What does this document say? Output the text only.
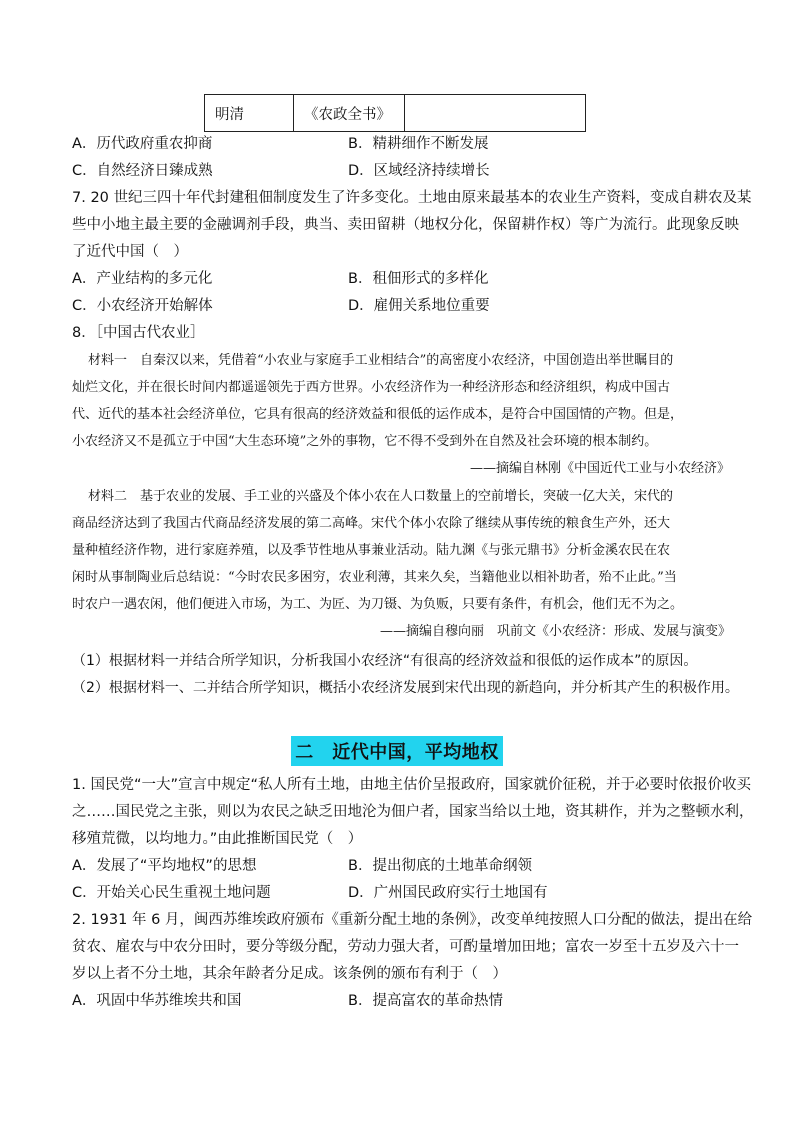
明清	《农政全书》	
A．历代政府重农抑商	B．精耕细作不断发展
C．自然经济日臻成熟	D．区域经济持续增长
7. 20 世纪三四十年代封建租佃制度发生了许多变化。土地由原来最基本的农业生产资料，变成自耕农及某
些中小地主最主要的金融调剂手段，典当、卖田留耕（地权分化，保留耕作权）等广为流行。此现象反映
了近代中国（　）
A．产业结构的多元化	B．租佃形式的多样化
C．小农经济开始解体	D．雇佣关系地位重要
8．［中国古代农业］
材料一　自秦汉以来，凭借着“小农业与家庭手工业相结合”的高密度小农经济，中国创造出举世瞩目的
灿烂文化，并在很长时间内都遥遥领先于西方世界。小农经济作为一种经济形态和经济组织，构成中国古
代、近代的基本社会经济单位，它具有很高的经济效益和很低的运作成本，是符合中国国情的产物。但是，
小农经济又不是孤立于中国“大生态环境”之外的事物，它不得不受到外在自然及社会环境的根本制约。
——摘编自林刚《中国近代工业与小农经济》
材料二　基于农业的发展、手工业的兴盛及个体小农在人口数量上的空前增长，突破一亿大关，宋代的
商品经济达到了我国古代商品经济发展的第二高峰。宋代个体小农除了继续从事传统的粮食生产外，还大
量种植经济作物，进行家庭养殖，以及季节性地从事兼业活动。陆九渊《与张元鼎书》分析金溪农民在农
闲时从事制陶业后总结说：“今时农民多困穷，农业利薄，其来久矣，当籍他业以相补助者，殆不止此。”当
时农户一遇农闲，他们便进入市场，为工、为匠、为刀镊、为负贩，只要有条件，有机会，他们无不为之。
——摘编自穆向丽　巩前文《小农经济：形成、发展与演变》
（1）根据材料一并结合所学知识，分析我国小农经济“有很高的经济效益和很低的运作成本”的原因。
（2）根据材料一、二并结合所学知识，概括小农经济发展到宋代出现的新趋向，并分析其产生的积极作用。
二　近代中国，平均地权
1. 国民党“一大”宣言中规定“私人所有土地，由地主估价呈报政府，国家就价征税，并于必要时依报价收买
之……国民党之主张，则以为农民之缺乏田地沦为佃户者，国家当给以土地，资其耕作，并为之整顿水利，
移殖荒微，以均地力。”由此推断国民党（　）
A．发展了“平均地权”的思想	B．提出彻底的土地革命纲领
C．开始关心民生重视土地问题	D．广州国民政府实行土地国有
2. 1931 年 6 月，闽西苏维埃政府颁布《重新分配土地的条例》，改变单纯按照人口分配的做法，提出在给
贫农、雇农与中农分田时，要分等级分配，劳动力强大者，可酌量增加田地；富农一岁至十五岁及六十一
岁以上者不分土地，其余年龄者分足成。该条例的颁布有利于（　）
A．巩固中华苏维埃共和国	B．提高富农的革命热情
